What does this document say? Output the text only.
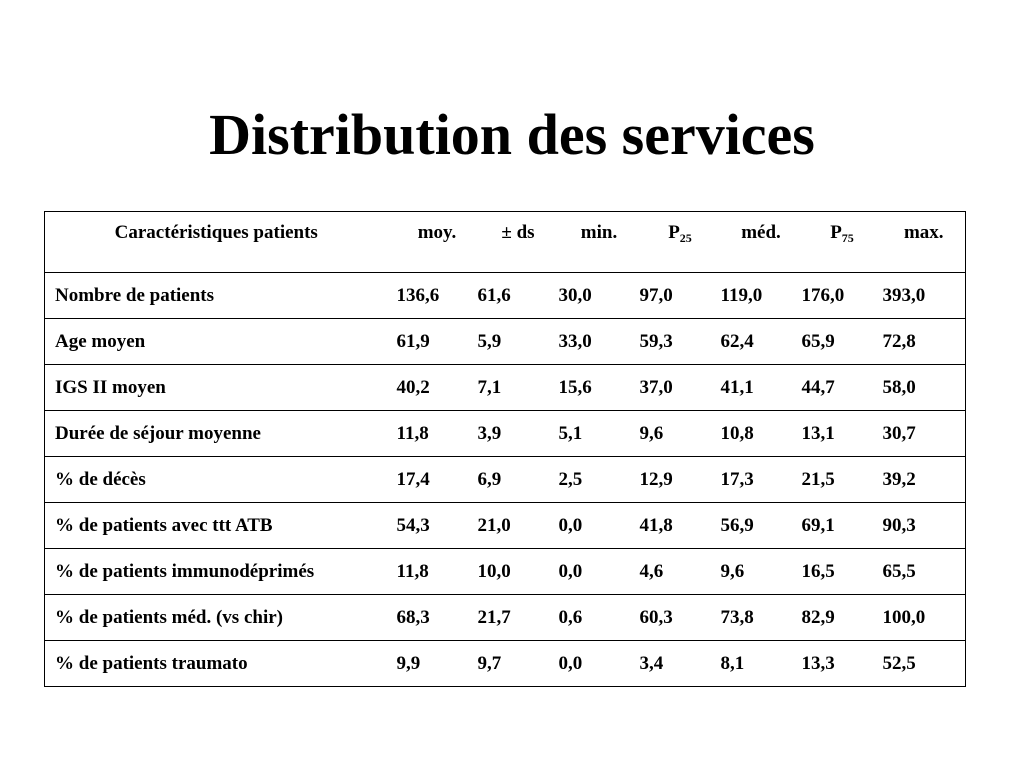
Distribution des services
Caractéristiques patients	moy.	± ds	min.	$P_{25}$	méd.	$P_{75}$	max.
Nombre de patients	136,6	61,6	30,0	97,0	119,0	176,0	393,0
Age moyen	61,9	5,9	33,0	59,3	62,4	65,9	72,8
IGS II moyen	40,2	7,1	15,6	37,0	41,1	44,7	58,0
Durée de séjour moyenne	11,8	3,9	5,1	9,6	10,8	13,1	30,7
% de décès	17,4	6,9	2,5	12,9	17,3	21,5	39,2
% de patients avec ttt ATB	54,3	21,0	0,0	41,8	56,9	69,1	90,3
% de patients immunodéprimés	11,8	10,0	0,0	4,6	9,6	16,5	65,5
% de patients méd. (vs chir)	68,3	21,7	0,6	60,3	73,8	82,9	100,0
% de patients traumato	9,9	9,7	0,0	3,4	8,1	13,3	52,5
